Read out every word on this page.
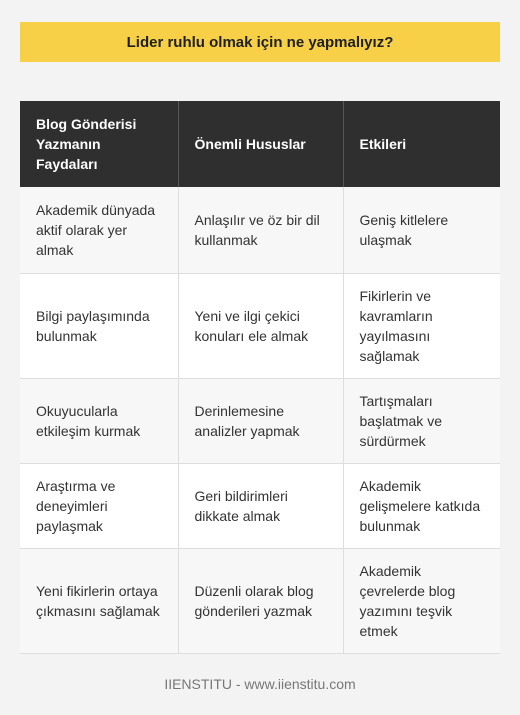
Lider ruhlu olmak için ne yapmalıyız?
Blog Gönderisi Yazmanın Faydaları	Önemli Hususlar	Etkileri
Akademik dünyada aktif olarak yer almak	Anlaşılır ve öz bir dil kullanmak	Geniş kitlelere ulaşmak
Bilgi paylaşımında bulunmak	Yeni ve ilgi çekici konuları ele almak	Fikirlerin ve kavramların yayılmasını sağlamak
Okuyucularla etkileşim kurmak	Derinlemesine analizler yapmak	Tartışmaları başlatmak ve sürdürmek
Araştırma ve deneyimleri paylaşmak	Geri bildirimleri dikkate almak	Akademik gelişmelere katkıda bulunmak
Yeni fikirlerin ortaya çıkmasını sağlamak	Düzenli olarak blog gönderileri yazmak	Akademik çevrelerde blog yazımını teşvik etmek
IIENSTITU - www.iienstitu.com
